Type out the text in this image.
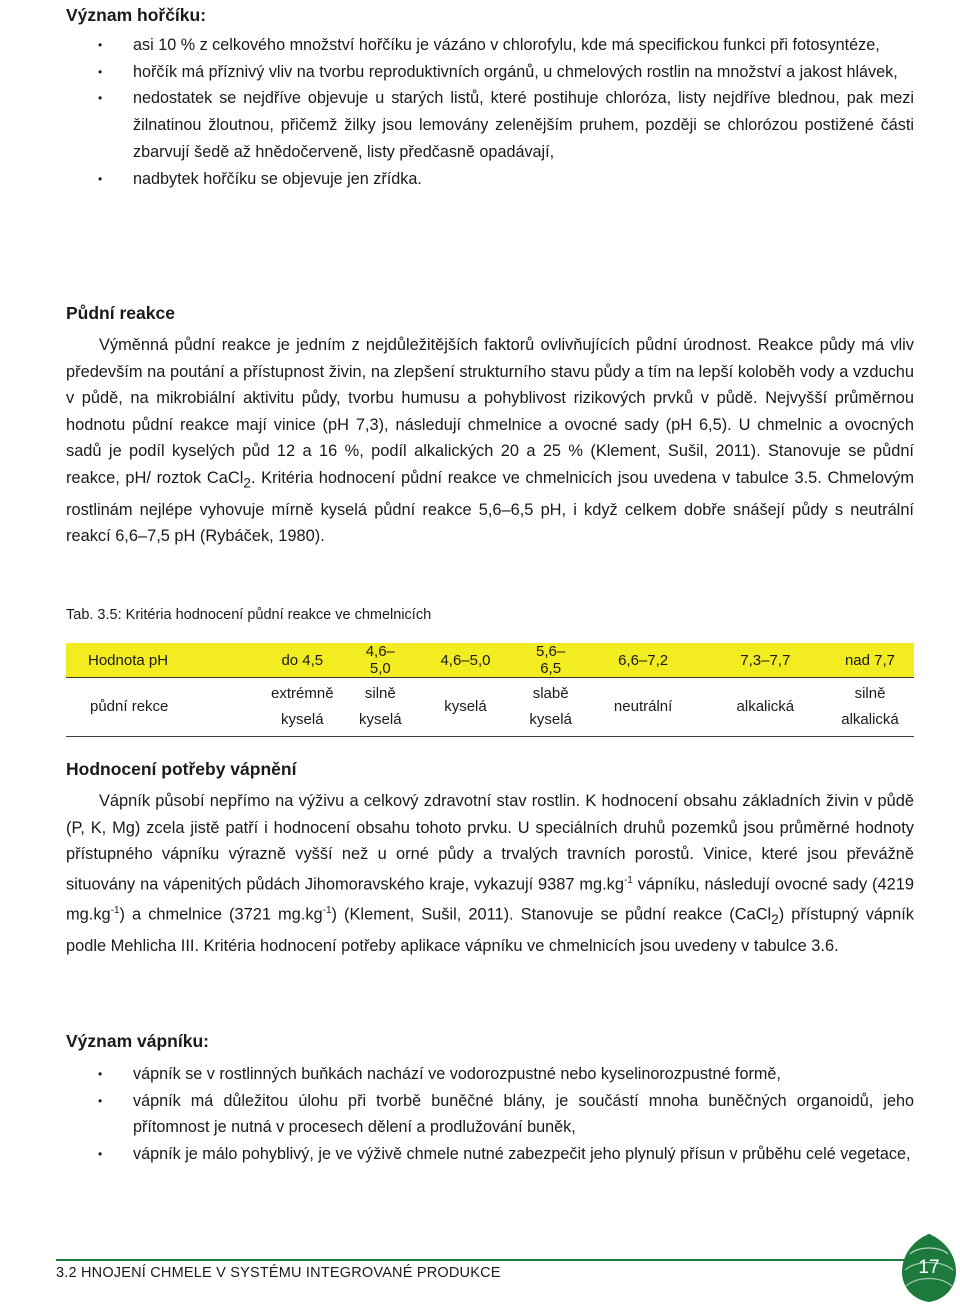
Význam hořčíku:
• asi 10 % z celkového množství hořčíku je vázáno v chlorofylu, kde má specifickou funkci při fotosyntéze,
• hořčík má příznivý vliv na tvorbu reproduktivních orgánů, u chmelových rostlin na množství a jakost hlávek,
• nedostatek se nejdříve objevuje u starých listů, které postihuje chloróza, listy nejdříve blednou, pak mezi žilnatinou žloutnou, přičemž žilky jsou lemovány zelenějším pruhem, později se chlorózou postižené části zbarvují šedě až hnědočerveně, listy předčasně opadávají,
• nadbytek hořčíku se objevuje jen zřídka.
Půdní reakce

Výměnná půdní reakce je jedním z nejdůležitějších faktorů ovlivňujících půdní úrodnost. Reakce půdy má vliv především na poutání a přístupnost živin, na zlepšení strukturního stavu půdy a tím na lepší koloběh vody a vzduchu v půdě, na mikrobiální aktivitu půdy, tvorbu humusu a pohyblivost rizikových prvků v půdě. Nejvyšší průměrnou hodnotu půdní reakce mají vinice (pH 7,3), následují chmelnice a ovocné sady (pH 6,5). U chmelnic a ovocných sadů je podíl kyselých půd 12 a 16 %, podíl alkalických 20 a 25 % (Klement, Sušil, 2011). Stanovuje se půdní reakce, pH/ roztok CaCl$_2$. Kritéria hodnocení půdní reakce ve chmelnicích jsou uvedena v tabulce 3.5. Chmelovým rostlinám nejlépe vyhovuje mírně kyselá půdní reakce 5,6–6,5 pH, i když celkem dobře snášejí půdy s neutrální reakcí 6,6–7,5 pH (Rybáček, 1980).

Tab. 3.5: Kritéria hodnocení půdní reakce ve chmelnicích
Hodnota pH	do 4,5	4,6–5,0	4,6–5,0	5,6–6,5	6,6–7,2	7,3–7,7	nad 7,7
půdní rekce	extrémně kyselá	silně kyselá	kyselá	slabě kyselá	neutrální	alkalická	silně alkalická
Hodnocení potřeby vápnění

Vápník působí nepřímo na výživu a celkový zdravotní stav rostlin. K hodnocení obsahu základních živin v půdě (P, K, Mg) zcela jistě patří i hodnocení obsahu tohoto prvku. U speciálních druhů pozemků jsou průměrné hodnoty přístupného vápníku výrazně vyšší než u orné půdy a trvalých travních porostů. Vinice, které jsou převážně situovány na vápenitých půdách Jihomoravského kraje, vykazují 9387 $mg.kg^{-1}$ vápníku, následují ovocné sady (4219 $mg.kg^{-1}$) a chmelnice (3721 $mg.kg^{-1}$) (Klement, Sušil, 2011). Stanovuje se půdní reakce (CaCl$_2$) přístupný vápník podle Mehlicha III. Kritéria hodnocení potřeby aplikace vápníku ve chmelnicích jsou uvedeny v tabulce 3.6.

Význam vápníku:
• vápník se v rostlinných buňkách nachází ve vodorozpustné nebo kyselinorozpustné formě,
• vápník má důležitou úlohu při tvorbě buněčné blány, je součástí mnoha buněčných organoidů, jeho přítomnost je nutná v procesech dělení a prodlužování buněk,
• vápník je málo pohyblivý, je ve výživě chmele nutné zabezpečit jeho plynulý přísun v průběhu celé vegetace,
3.2 HNOJENÍ CHMELE V SYSTÉMU INTEGROVANÉ PRODUKCE	17
